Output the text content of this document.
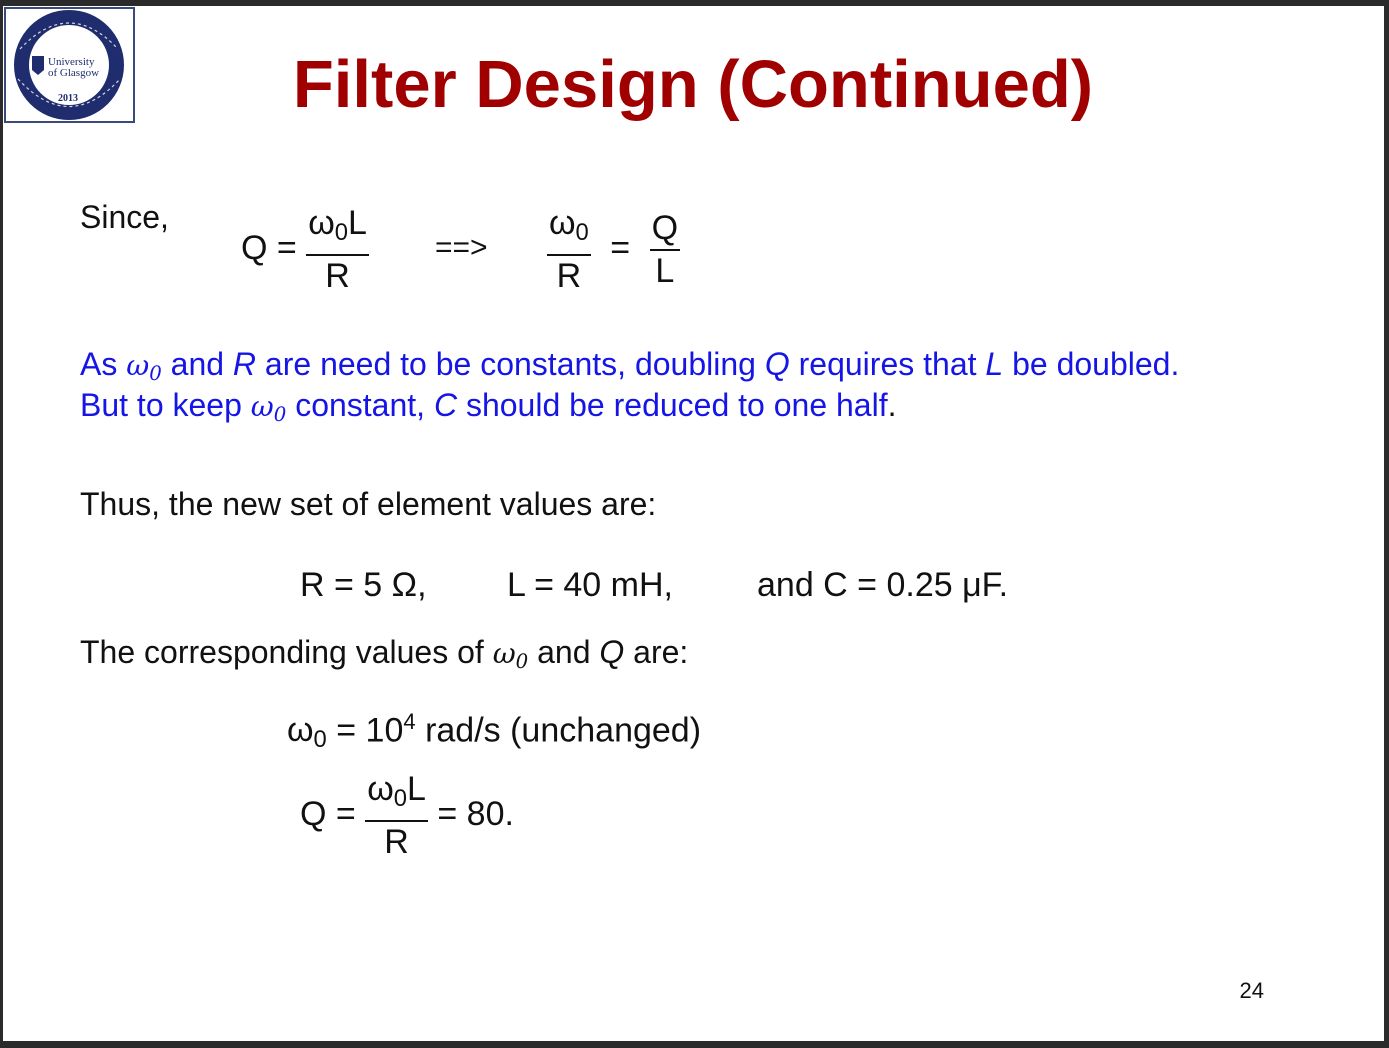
University
of Glasgow
2013	Filter Design (Continued)
Since,
$Q = \frac{\omega_0L}{R}$ ==> $\frac{\omega_0}{R} = \frac{Q}{L}$
As $\omega_0$ and R are need to be constants, doubling Q requires that L be doubled.
But to keep $\omega_0$ constant, C should be reduced to one half.
Thus, the new set of element values are:
R = 5 Ω, L = 40 mH, and C = 0.25 μF.
The corresponding values of $\omega_0$ and Q are:
$\omega_0 = 10^4$ rad/s (unchanged)
$Q = \frac{\omega_0L}{R} = 80$.
24
